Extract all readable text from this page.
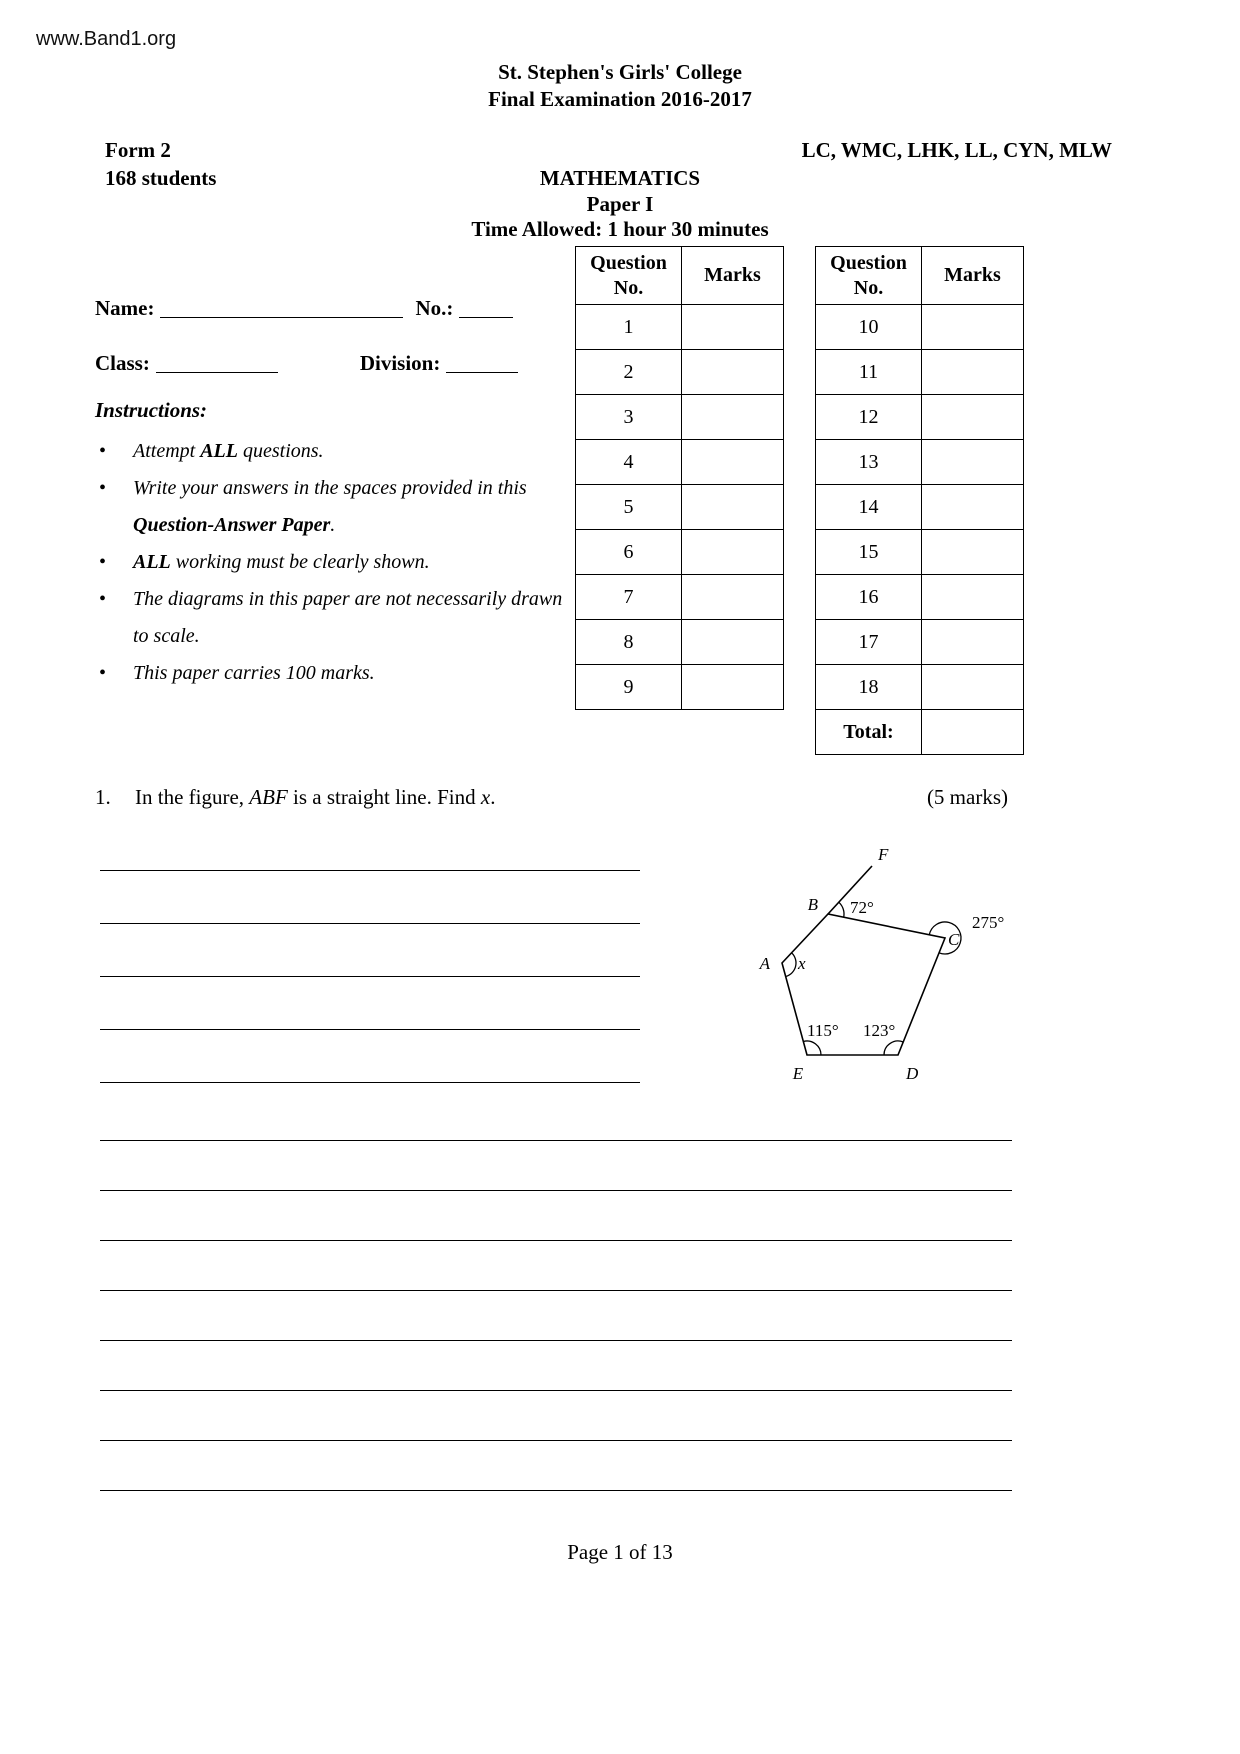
www.Band1.org
St. Stephen's Girls' College
Final Examination 2016-2017
Form 2	LC, WMC, LHK, LL, CYN, MLW
168 students	MATHEMATICS
Paper I
Time Allowed: 1 hour 30 minutes
Question
No.	Marks
1	
2	
3	
4	
5	
6	
7	
8	
9	
Question
No.	Marks
10	
11	
12	
13	
14	
15	
16	
17	
18	
Total:	
Name:	No.:
Class:	Division:
Instructions:
• Attempt ALL questions.
• Write your answers in the spaces provided in this Question-Answer Paper.
• ALL working must be clearly shown.
• The diagrams in this paper are not necessarily drawn to scale.
• This paper carries 100 marks.
1.	In the figure, ABF is a straight line. Find x.	(5 marks)
A
B
C
D
E
F
x
72°
275°
123°
115°
Page 1 of 13
